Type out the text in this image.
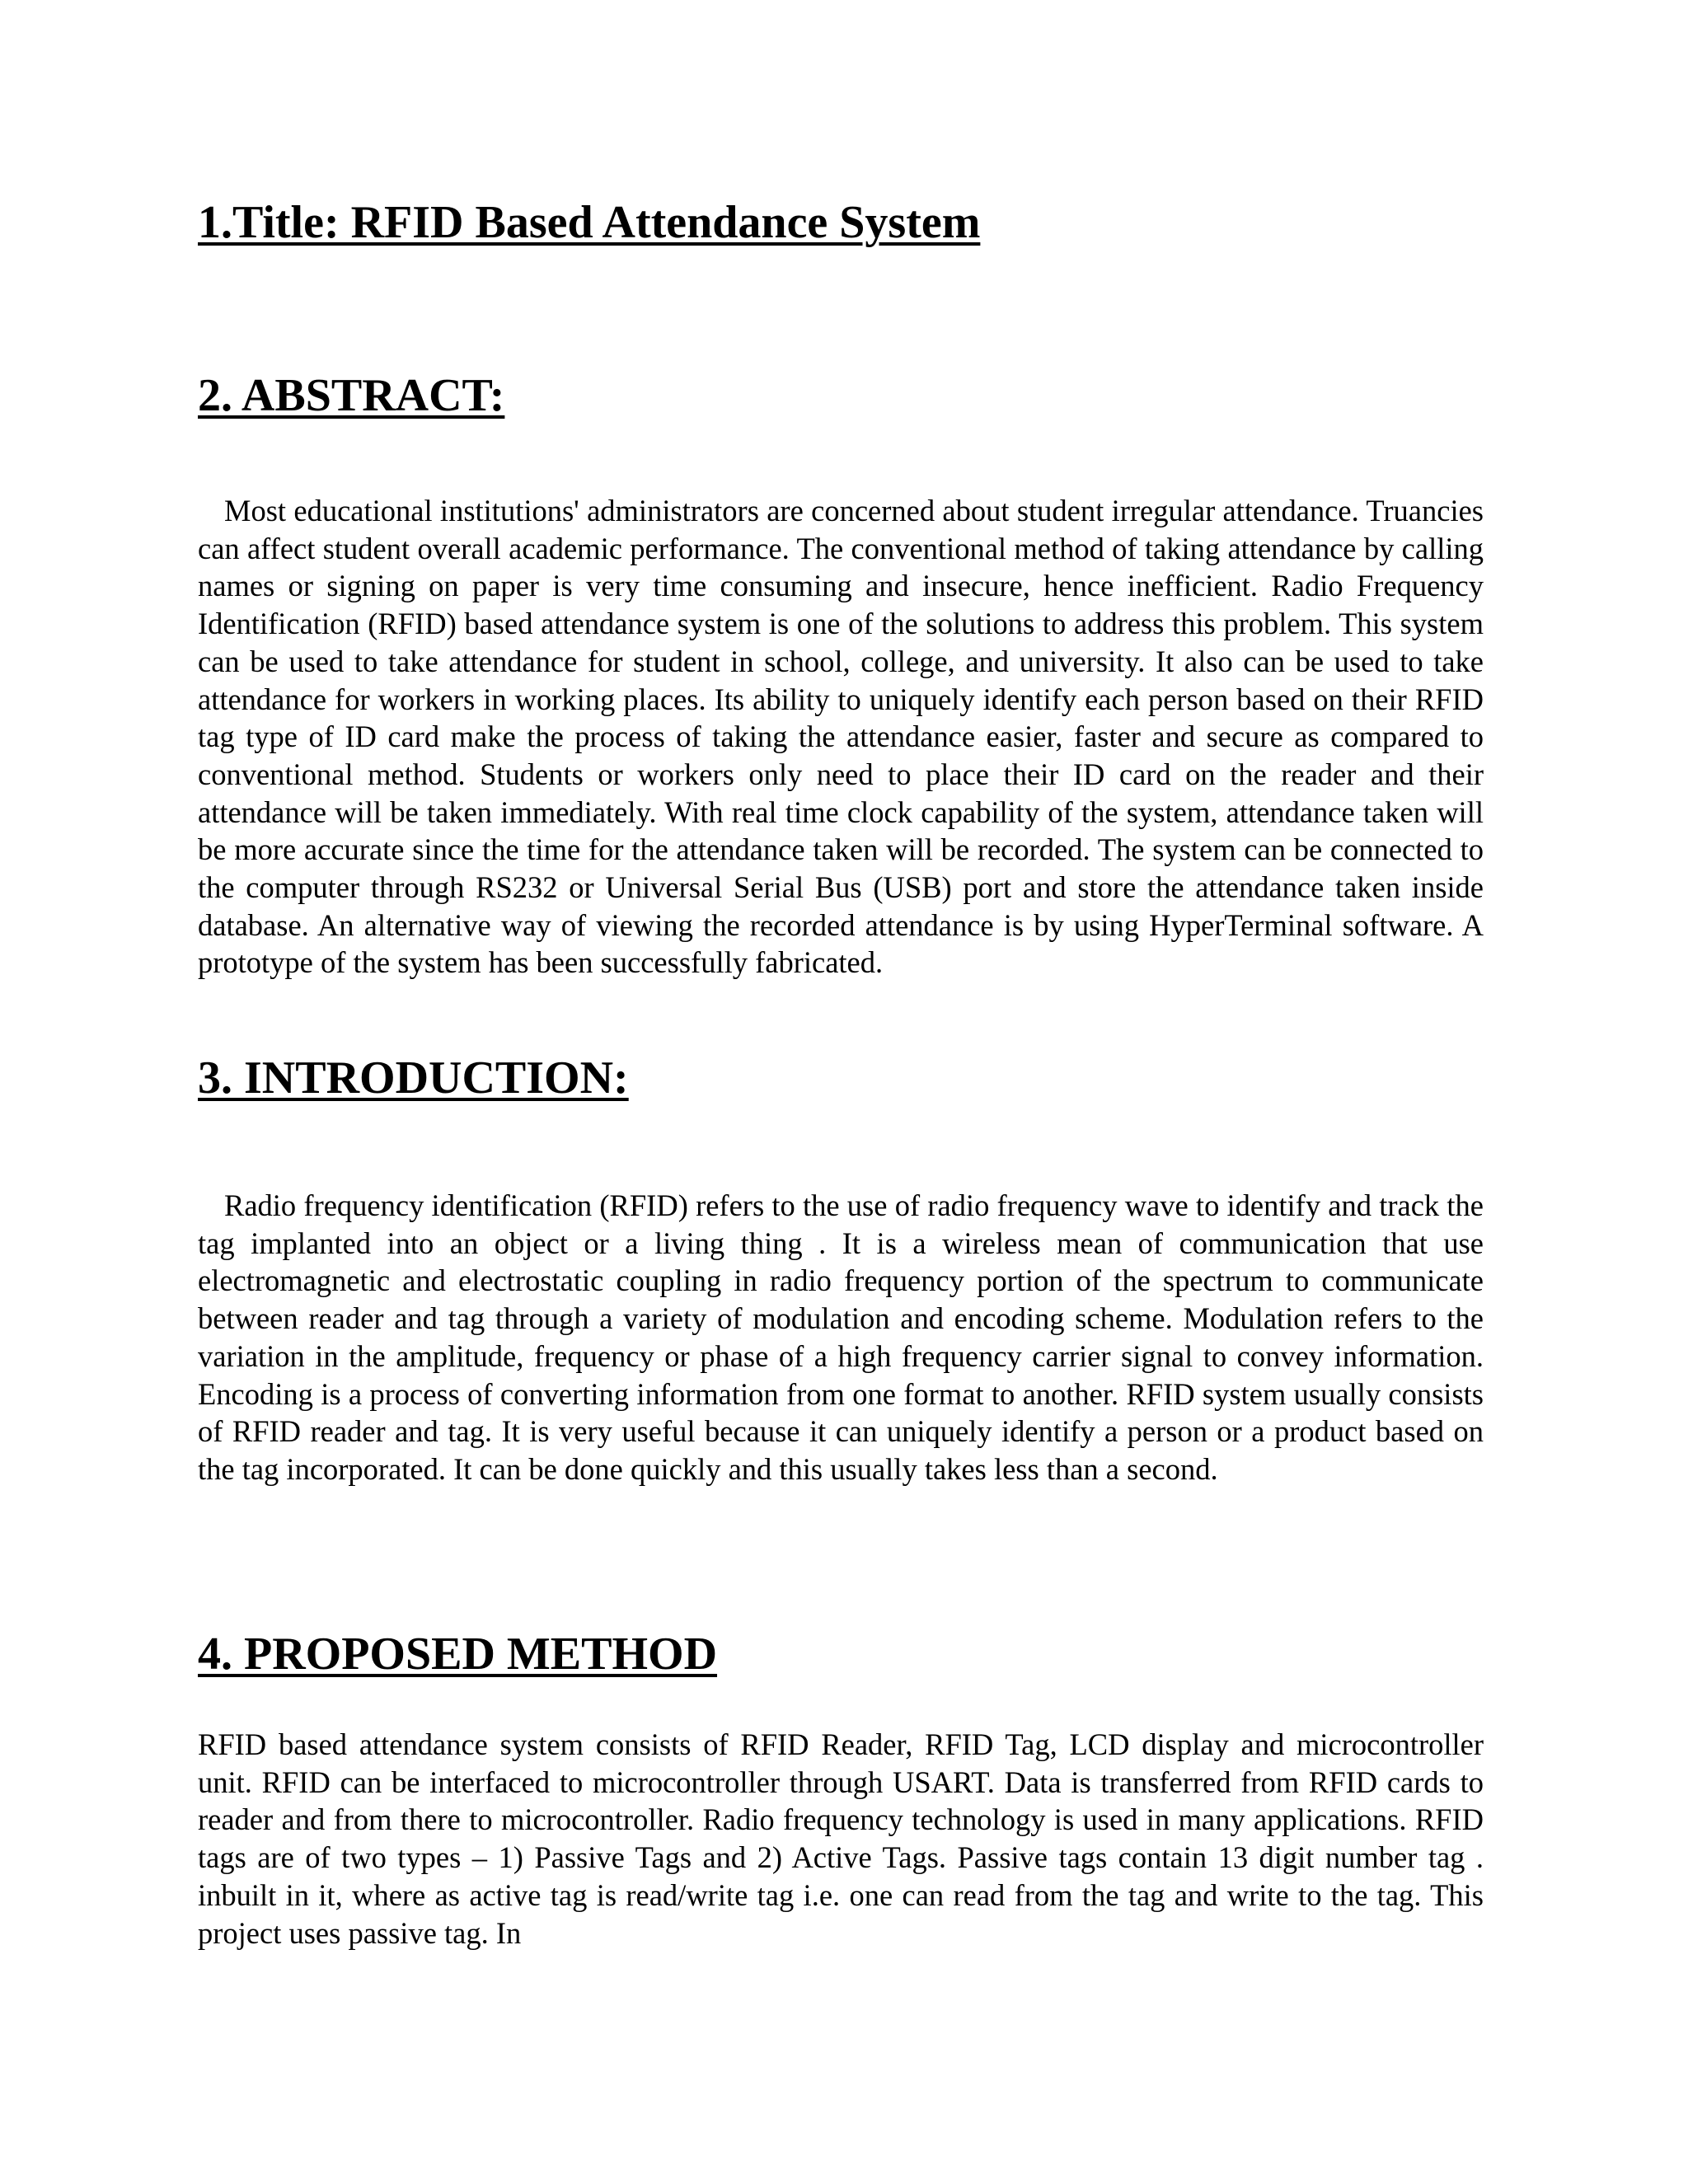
1.Title: RFID Based Attendance System
2. ABSTRACT:

Most educational institutions' administrators are concerned about student irregular attendance. Truancies can affect student overall academic performance. The conventional method of taking attendance by calling names or signing on paper is very time consuming and insecure, hence inefficient. Radio Frequency Identification (RFID) based attendance system is one of the solutions to address this problem. This system can be used to take attendance for student in school, college, and university. It also can be used to take attendance for workers in working places. Its ability to uniquely identify each person based on their RFID tag type of ID card make the process of taking the attendance easier, faster and secure as compared to conventional method. Students or workers only need to place their ID card on the reader and their attendance will be taken immediately. With real time clock capability of the system, attendance taken will be more accurate since the time for the attendance taken will be recorded. The system can be connected to the computer through RS232 or Universal Serial Bus (USB) port and store the attendance taken inside database. An alternative way of viewing the recorded attendance is by using HyperTerminal software. A prototype of the system has been successfully fabricated.

3. INTRODUCTION:

Radio frequency identification (RFID) refers to the use of radio frequency wave to identify and track the tag implanted into an object or a living thing . It is a wireless mean of communication that use electromagnetic and electrostatic coupling in radio frequency portion of the spectrum to communicate between reader and tag through a variety of modulation and encoding scheme. Modulation refers to the variation in the amplitude, frequency or phase of a high frequency carrier signal to convey information. Encoding is a process of converting information from one format to another. RFID system usually consists of RFID reader and tag. It is very useful because it can uniquely identify a person or a product based on the tag incorporated. It can be done quickly and this usually takes less than a second.

4. PROPOSED METHOD

RFID based attendance system consists of RFID Reader, RFID Tag, LCD display and microcontroller unit. RFID can be interfaced to microcontroller through USART. Data is transferred from RFID cards to reader and from there to microcontroller. Radio frequency technology is used in many applications. RFID tags are of two types – 1) Passive Tags and 2) Active Tags. Passive tags contain 13 digit number tag . inbuilt in it, where as active tag is read/write tag i.e. one can read from the tag and write to the tag. This project uses passive tag. In
